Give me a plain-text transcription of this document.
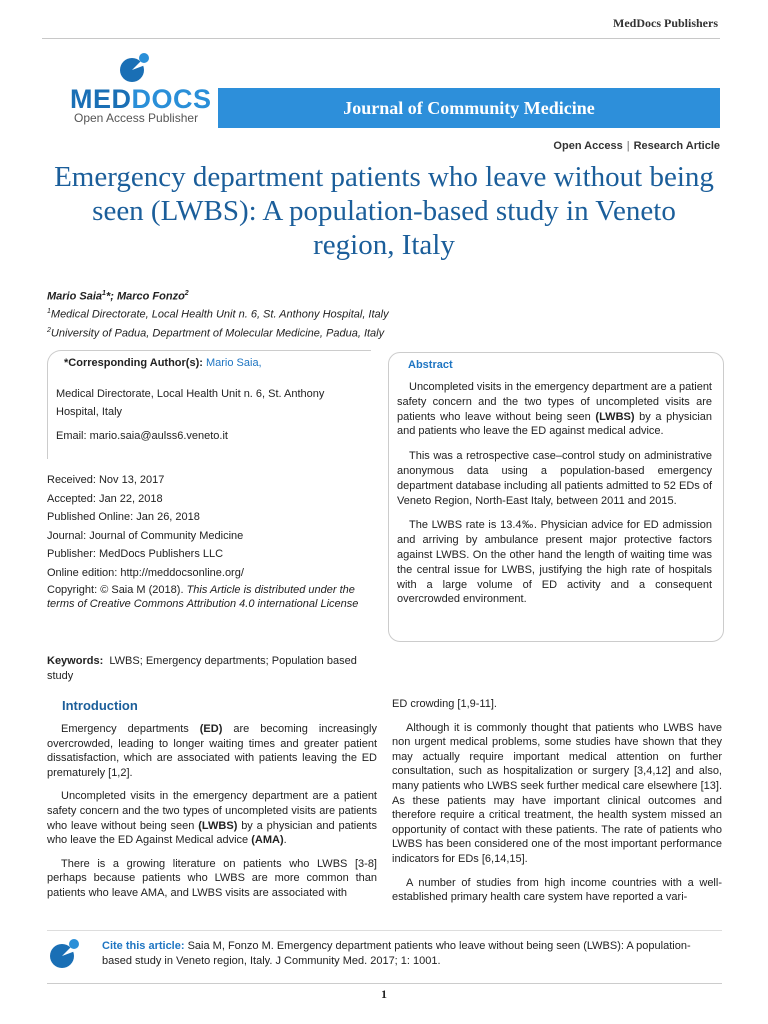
MedDocs Publishers
MEDDOCS
Open Access Publisher
Journal of Community Medicine
Open Access | Research Article
Emergency department patients who leave without being seen (LWBS): A population-based study in Veneto region, Italy
Mario Saia$^1$*; Marco Fonzo$^2$
$^1$Medical Directorate, Local Health Unit n. 6, St. Anthony Hospital, Italy
$^2$University of Padua, Department of Molecular Medicine, Padua, Italy
*Corresponding Author(s): Mario Saia,
Medical Directorate, Local Health Unit n. 6, St. Anthony Hospital, Italy
Email: mario.saia@aulss6.veneto.it
Received: Nov 13, 2017
Accepted: Jan 22, 2018
Published Online: Jan 26, 2018
Journal: Journal of Community Medicine
Publisher: MedDocs Publishers LLC
Online edition: http://meddocsonline.org/
Copyright: © Saia M (2018). This Article is distributed under the terms of Creative Commons Attribution 4.0 international License
Abstract

Uncompleted visits in the emergency department are a patient safety concern and the two types of uncompleted visits are patients who leave without being seen (LWBS) by a physician and patients who leave the ED against medical advice.

This was a retrospective case–control study on administrative anonymous data using a population-based emergency department database including all patients admitted to 52 EDs of Veneto Region, North-East Italy, between 2011 and 2015.

The LWBS rate is 13.4‰. Physician advice for ED admission and arriving by ambulance present major protective factors against LWBS. On the other hand the length of waiting time was the central issue for LWBS, justifying the high rate of hospitals with a large volume of ED activity and a consequent overcrowded environment.

Keywords: LWBS; Emergency departments; Population based study
Introduction

Emergency departments (ED) are becoming increasingly overcrowded, leading to longer waiting times and greater patient dissatisfaction, which are associated with patients leaving the ED prematurely [1,2].

Uncompleted visits in the emergency department are a patient safety concern and the two types of uncompleted visits are patients who leave without being seen (LWBS) by a physician and patients who leave the ED Against Medical advice (AMA).

There is a growing literature on patients who LWBS [3-8] perhaps because patients who LWBS are more common than patients who leave AMA, and LWBS visits are associated with

ED crowding [1,9-11].

Although it is commonly thought that patients who LWBS have non urgent medical problems, some studies have shown that they may actually require important medical attention on further consultation, such as hospitalization or surgery [3,4,12] and also, many patients who LWBS seek further medical care elsewhere [13]. As these patients may have important clinical outcomes and therefore require a critical treatment, the health system missed an opportunity of contact with these patients. The rate of patients who LWBS has been considered one of the most important performance indicators for EDs [6,14,15].

A number of studies from high income countries with a well-established primary health care system have reported a vari-

Cite this article: Saia M, Fonzo M. Emergency department patients who leave without being seen (LWBS): A population-based study in Veneto region, Italy. J Community Med. 2017; 1: 1001.
1
